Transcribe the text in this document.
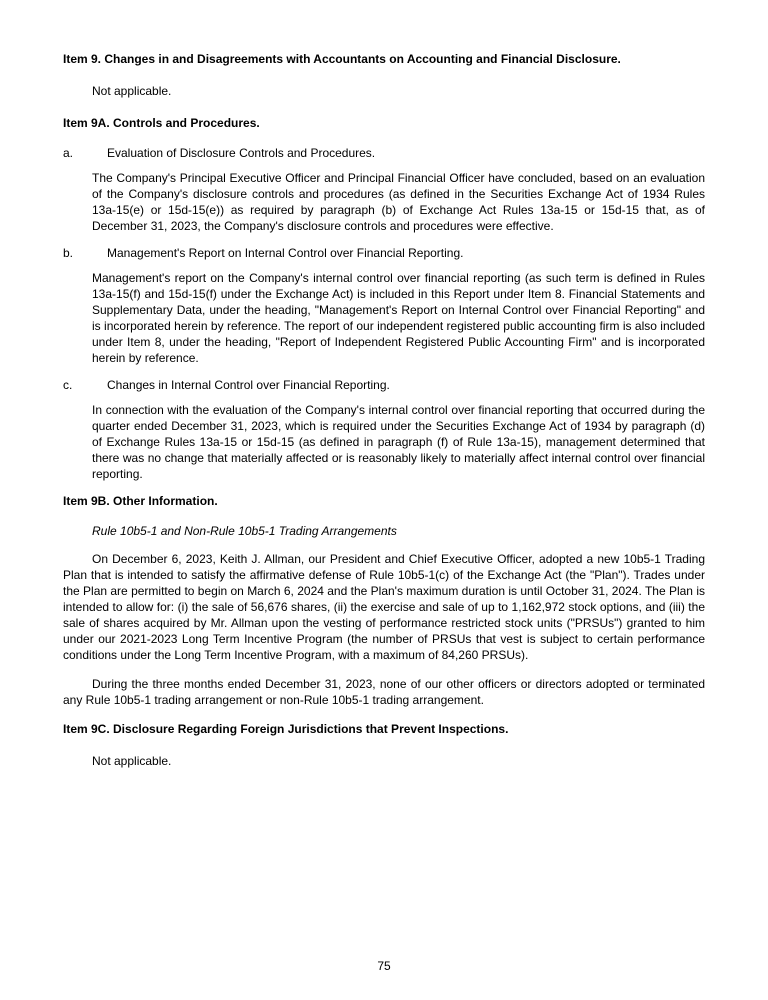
Item 9. Changes in and Disagreements with Accountants on Accounting and Financial Disclosure.

Not applicable.

Item 9A. Controls and Procedures.

a.	Evaluation of Disclosure Controls and Procedures.

The Company's Principal Executive Officer and Principal Financial Officer have concluded, based on an evaluation of the Company's disclosure controls and procedures (as defined in the Securities Exchange Act of 1934 Rules 13a-15(e) or 15d-15(e)) as required by paragraph (b) of Exchange Act Rules 13a-15 or 15d-15 that, as of December 31, 2023, the Company's disclosure controls and procedures were effective.

b.	Management's Report on Internal Control over Financial Reporting.

Management's report on the Company's internal control over financial reporting (as such term is defined in Rules 13a-15(f) and 15d-15(f) under the Exchange Act) is included in this Report under Item 8. Financial Statements and Supplementary Data, under the heading, "Management's Report on Internal Control over Financial Reporting" and is incorporated herein by reference. The report of our independent registered public accounting firm is also included under Item 8, under the heading, "Report of Independent Registered Public Accounting Firm" and is incorporated herein by reference.

c.	Changes in Internal Control over Financial Reporting.

In connection with the evaluation of the Company's internal control over financial reporting that occurred during the quarter ended December 31, 2023, which is required under the Securities Exchange Act of 1934 by paragraph (d) of Exchange Rules 13a-15 or 15d-15 (as defined in paragraph (f) of Rule 13a-15), management determined that there was no change that materially affected or is reasonably likely to materially affect internal control over financial reporting.

Item 9B. Other Information.

Rule 10b5-1 and Non-Rule 10b5-1 Trading Arrangements

On December 6, 2023, Keith J. Allman, our President and Chief Executive Officer, adopted a new 10b5-1 Trading Plan that is intended to satisfy the affirmative defense of Rule 10b5-1(c) of the Exchange Act (the "Plan"). Trades under the Plan are permitted to begin on March 6, 2024 and the Plan's maximum duration is until October 31, 2024. The Plan is intended to allow for: (i) the sale of 56,676 shares, (ii) the exercise and sale of up to 1,162,972 stock options, and (iii) the sale of shares acquired by Mr. Allman upon the vesting of performance restricted stock units ("PRSUs") granted to him under our 2021-2023 Long Term Incentive Program (the number of PRSUs that vest is subject to certain performance conditions under the Long Term Incentive Program, with a maximum of 84,260 PRSUs).

During the three months ended December 31, 2023, none of our other officers or directors adopted or terminated any Rule 10b5-1 trading arrangement or non-Rule 10b5-1 trading arrangement.

Item 9C. Disclosure Regarding Foreign Jurisdictions that Prevent Inspections.

Not applicable.

75
